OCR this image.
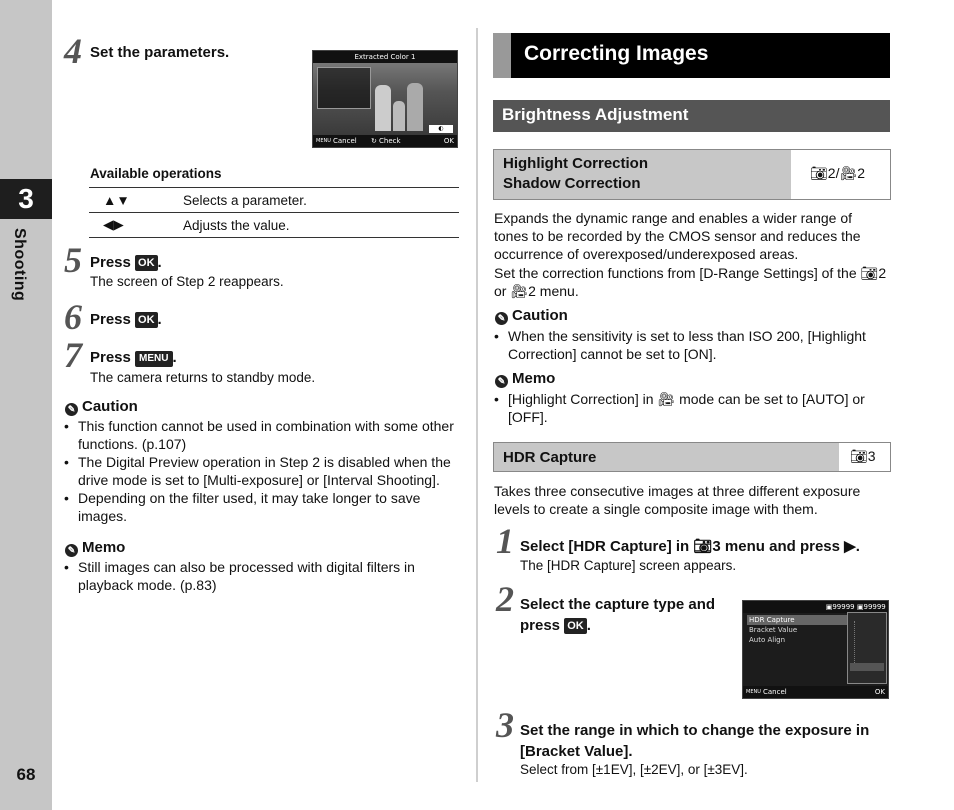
3
Shooting
68
4 Set the parameters.	Extracted Color 1
◐
MENU Cancel ↻ Check	OK
Available operations
▲▼	Selects a parameter.
◀▶	Adjusts the value.
5 Press OK .
The screen of Step 2 reappears.
6 Press OK .
7 Press MENU .
The camera returns to standby mode.
✎ Caution
• This function cannot be used in combination with some other functions. (p.107)
• The Digital Preview operation in Step 2 is disabled when the drive mode is set to [Multi-exposure] or [Interval Shooting].
• Depending on the filter used, it may take longer to save images.
✎ Memo
• Still images can also be processed with digital filters in playback mode. (p.83)
Correcting Images
Brightness Adjustment
Highlight Correction
Shadow Correction
📷︎2/🎥︎2
Expands the dynamic range and enables a wider range of tones to be recorded by the CMOS sensor and reduces the occurrence of overexposed/underexposed areas.
Set the correction functions from [D-Range Settings] of the 📷︎2 or 🎥︎2 menu.
✎ Caution
• When the sensitivity is set to less than ISO 200, [Highlight Correction] cannot be set to [ON].
✎ Memo
• [Highlight Correction] in 🎥︎ mode can be set to [AUTO] or [OFF].
HDR Capture	📷︎3
Takes three consecutive images at three different exposure levels to create a single composite image with them.
1 Select [HDR Capture] in 📷︎3 menu and press ▶.
The [HDR Capture] screen appears.
2 Select the capture type and
press OK .
▣99999 ▣99999
HDR Capture
Bracket Value
Auto Align
MENU Cancel	OK
3 Set the range in which to change the exposure in
[Bracket Value].
Select from [±1EV], [±2EV], or [±3EV].
